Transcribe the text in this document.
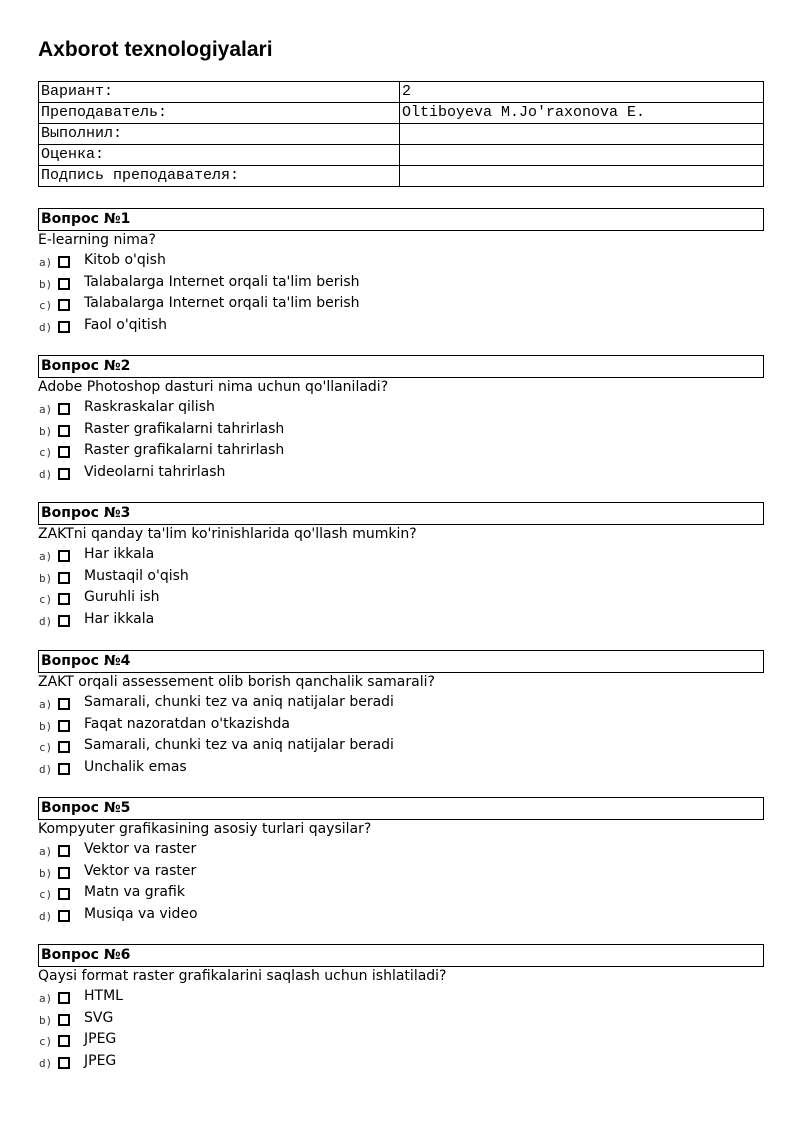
Axborot texnologiyalari
Вариант:	2
Преподаватель:	Oltiboyeva M.Jo'raxonova E.
Выполнил:	
Оценка:	
Подпись преподавателя:	
Вопрос №1
E-learning nima?
a) Kitob o'qish
b) Talabalarga Internet orqali ta'lim berish
c) Talabalarga Internet orqali ta'lim berish
d) Faol o'qitish
Вопрос №2
Adobe Photoshop dasturi nima uchun qo'llaniladi?
a) Raskraskalar qilish
b) Raster grafikalarni tahrirlash
c) Raster grafikalarni tahrirlash
d) Videolarni tahrirlash
Вопрос №3
ZAKTni qanday ta'lim ko'rinishlarida qo'llash mumkin?
a) Har ikkala
b) Mustaqil o'qish
c) Guruhli ish
d) Har ikkala
Вопрос №4
ZAKT orqali assessement olib borish qanchalik samarali?
a) Samarali, chunki tez va aniq natijalar beradi
b) Faqat nazoratdan o'tkazishda
c) Samarali, chunki tez va aniq natijalar beradi
d) Unchalik emas
Вопрос №5
Kompyuter grafikasining asosiy turlari qaysilar?
a) Vektor va raster
b) Vektor va raster
c) Matn va grafik
d) Musiqa va video
Вопрос №6
Qaysi format raster grafikalarini saqlash uchun ishlatiladi?
a) HTML
b) SVG
c) JPEG
d) JPEG
